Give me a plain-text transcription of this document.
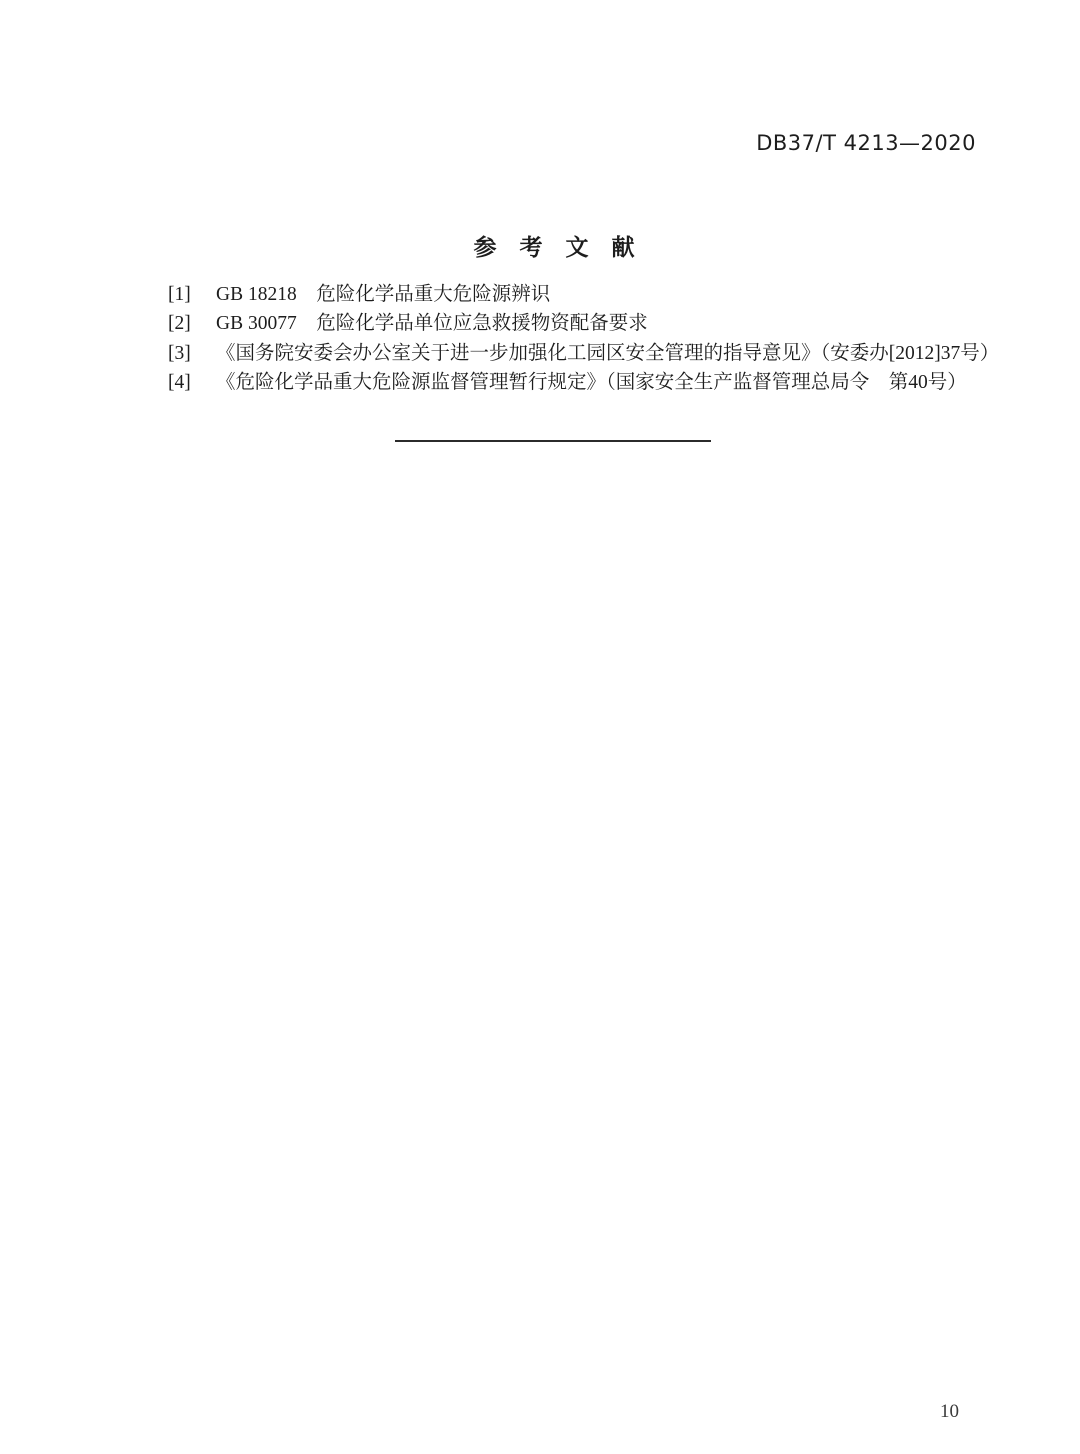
DB37/T 4213—2020
参　考　文　献
[1]	GB 18218　危险化学品重大危险源辨识
[2]	GB 30077　危险化学品单位应急救援物资配备要求
[3]	《国务院安委会办公室关于进一步加强化工园区安全管理的指导意见》（安委办[2012]37号）
[4]	《危险化学品重大危险源监督管理暂行规定》（国家安全生产监督管理总局令　第40号）
10
